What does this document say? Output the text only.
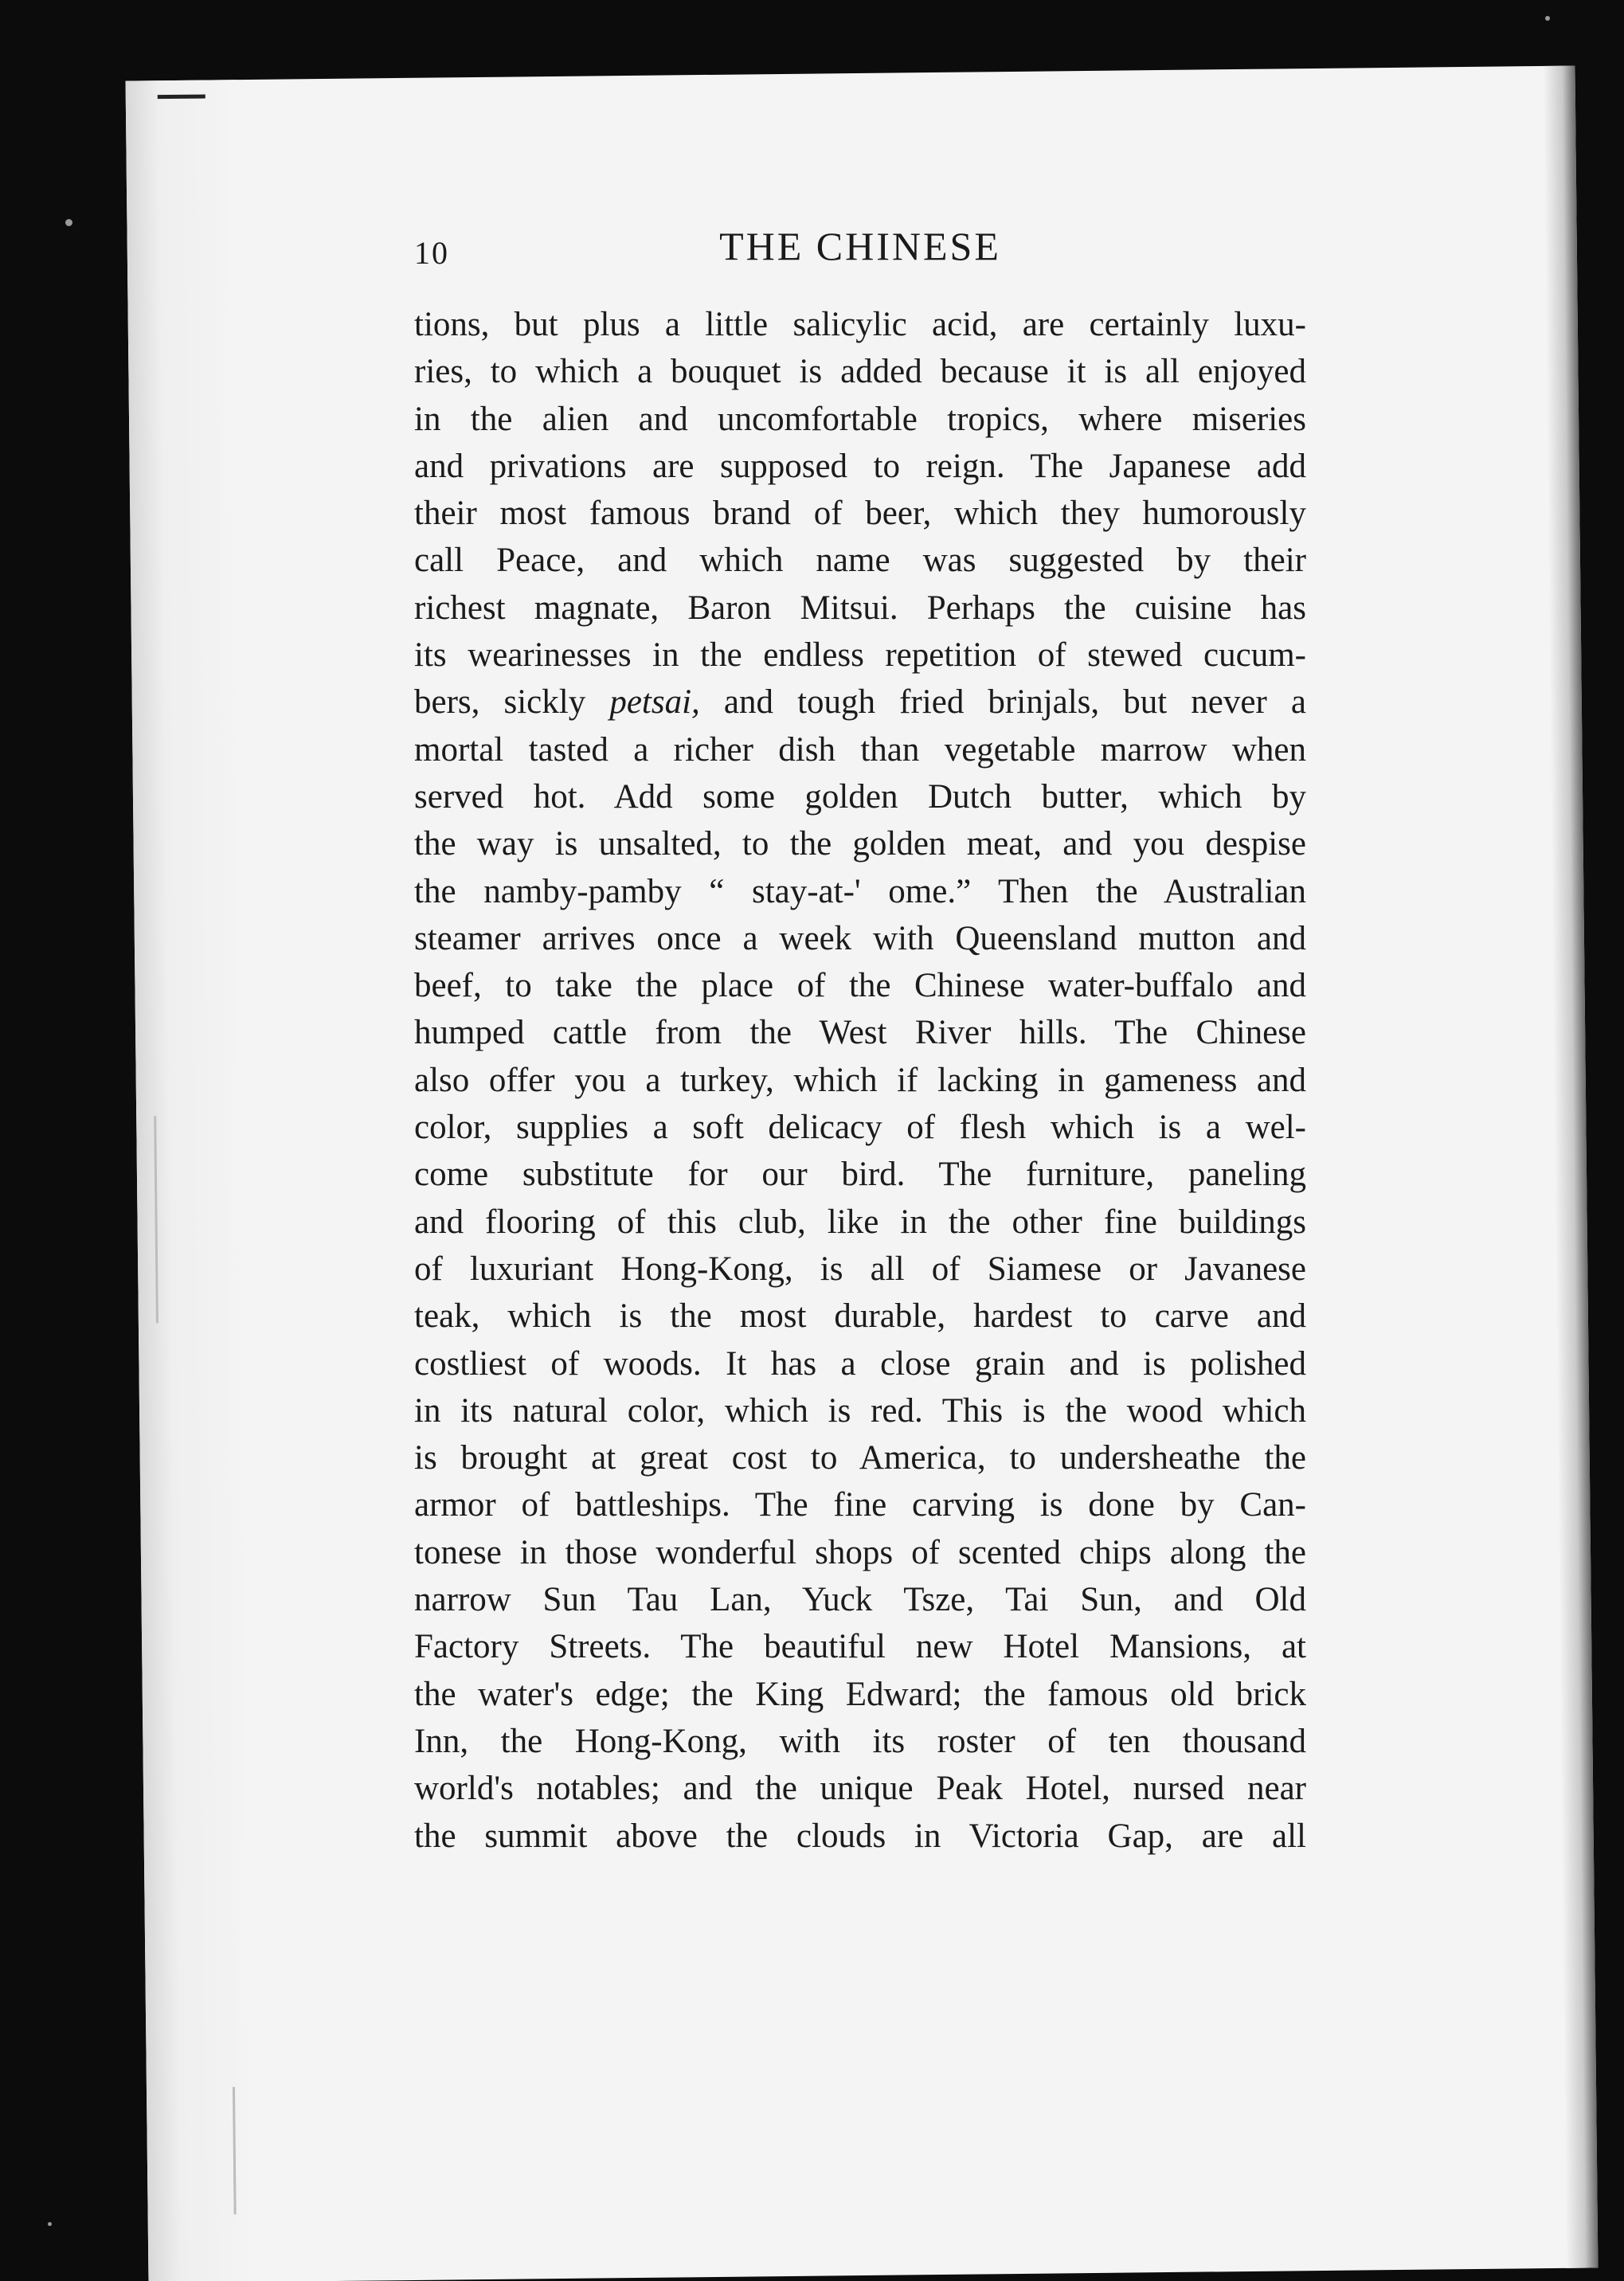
10	THE CHINESE
tions, but plus a little salicylic acid, are certainly luxu-
ries, to which a bouquet is added because it is all enjoyed
in the alien and uncomfortable tropics, where miseries
and privations are supposed to reign. The Japanese add
their most famous brand of beer, which they humorously
call Peace, and which name was suggested by their
richest magnate, Baron Mitsui. Perhaps the cuisine has
its wearinesses in the endless repetition of stewed cucum-
bers, sickly petsai, and tough fried brinjals, but never a
mortal tasted a richer dish than vegetable marrow when
served hot. Add some golden Dutch butter, which by
the way is unsalted, to the golden meat, and you despise
the namby-pamby “ stay-at-' ome.” Then the Australian
steamer arrives once a week with Queensland mutton and
beef, to take the place of the Chinese water-buffalo and
humped cattle from the West River hills. The Chinese
also offer you a turkey, which if lacking in gameness and
color, supplies a soft delicacy of flesh which is a wel-
come substitute for our bird. The furniture, paneling
and flooring of this club, like in the other fine buildings
of luxuriant Hong-Kong, is all of Siamese or Javanese
teak, which is the most durable, hardest to carve and
costliest of woods. It has a close grain and is polished
in its natural color, which is red. This is the wood which
is brought at great cost to America, to undersheathe the
armor of battleships. The fine carving is done by Can-
tonese in those wonderful shops of scented chips along the
narrow Sun Tau Lan, Yuck Tsze, Tai Sun, and Old
Factory Streets. The beautiful new Hotel Mansions, at
the water's edge; the King Edward; the famous old brick
Inn, the Hong-Kong, with its roster of ten thousand
world's notables; and the unique Peak Hotel, nursed near
the summit above the clouds in Victoria Gap, are all
